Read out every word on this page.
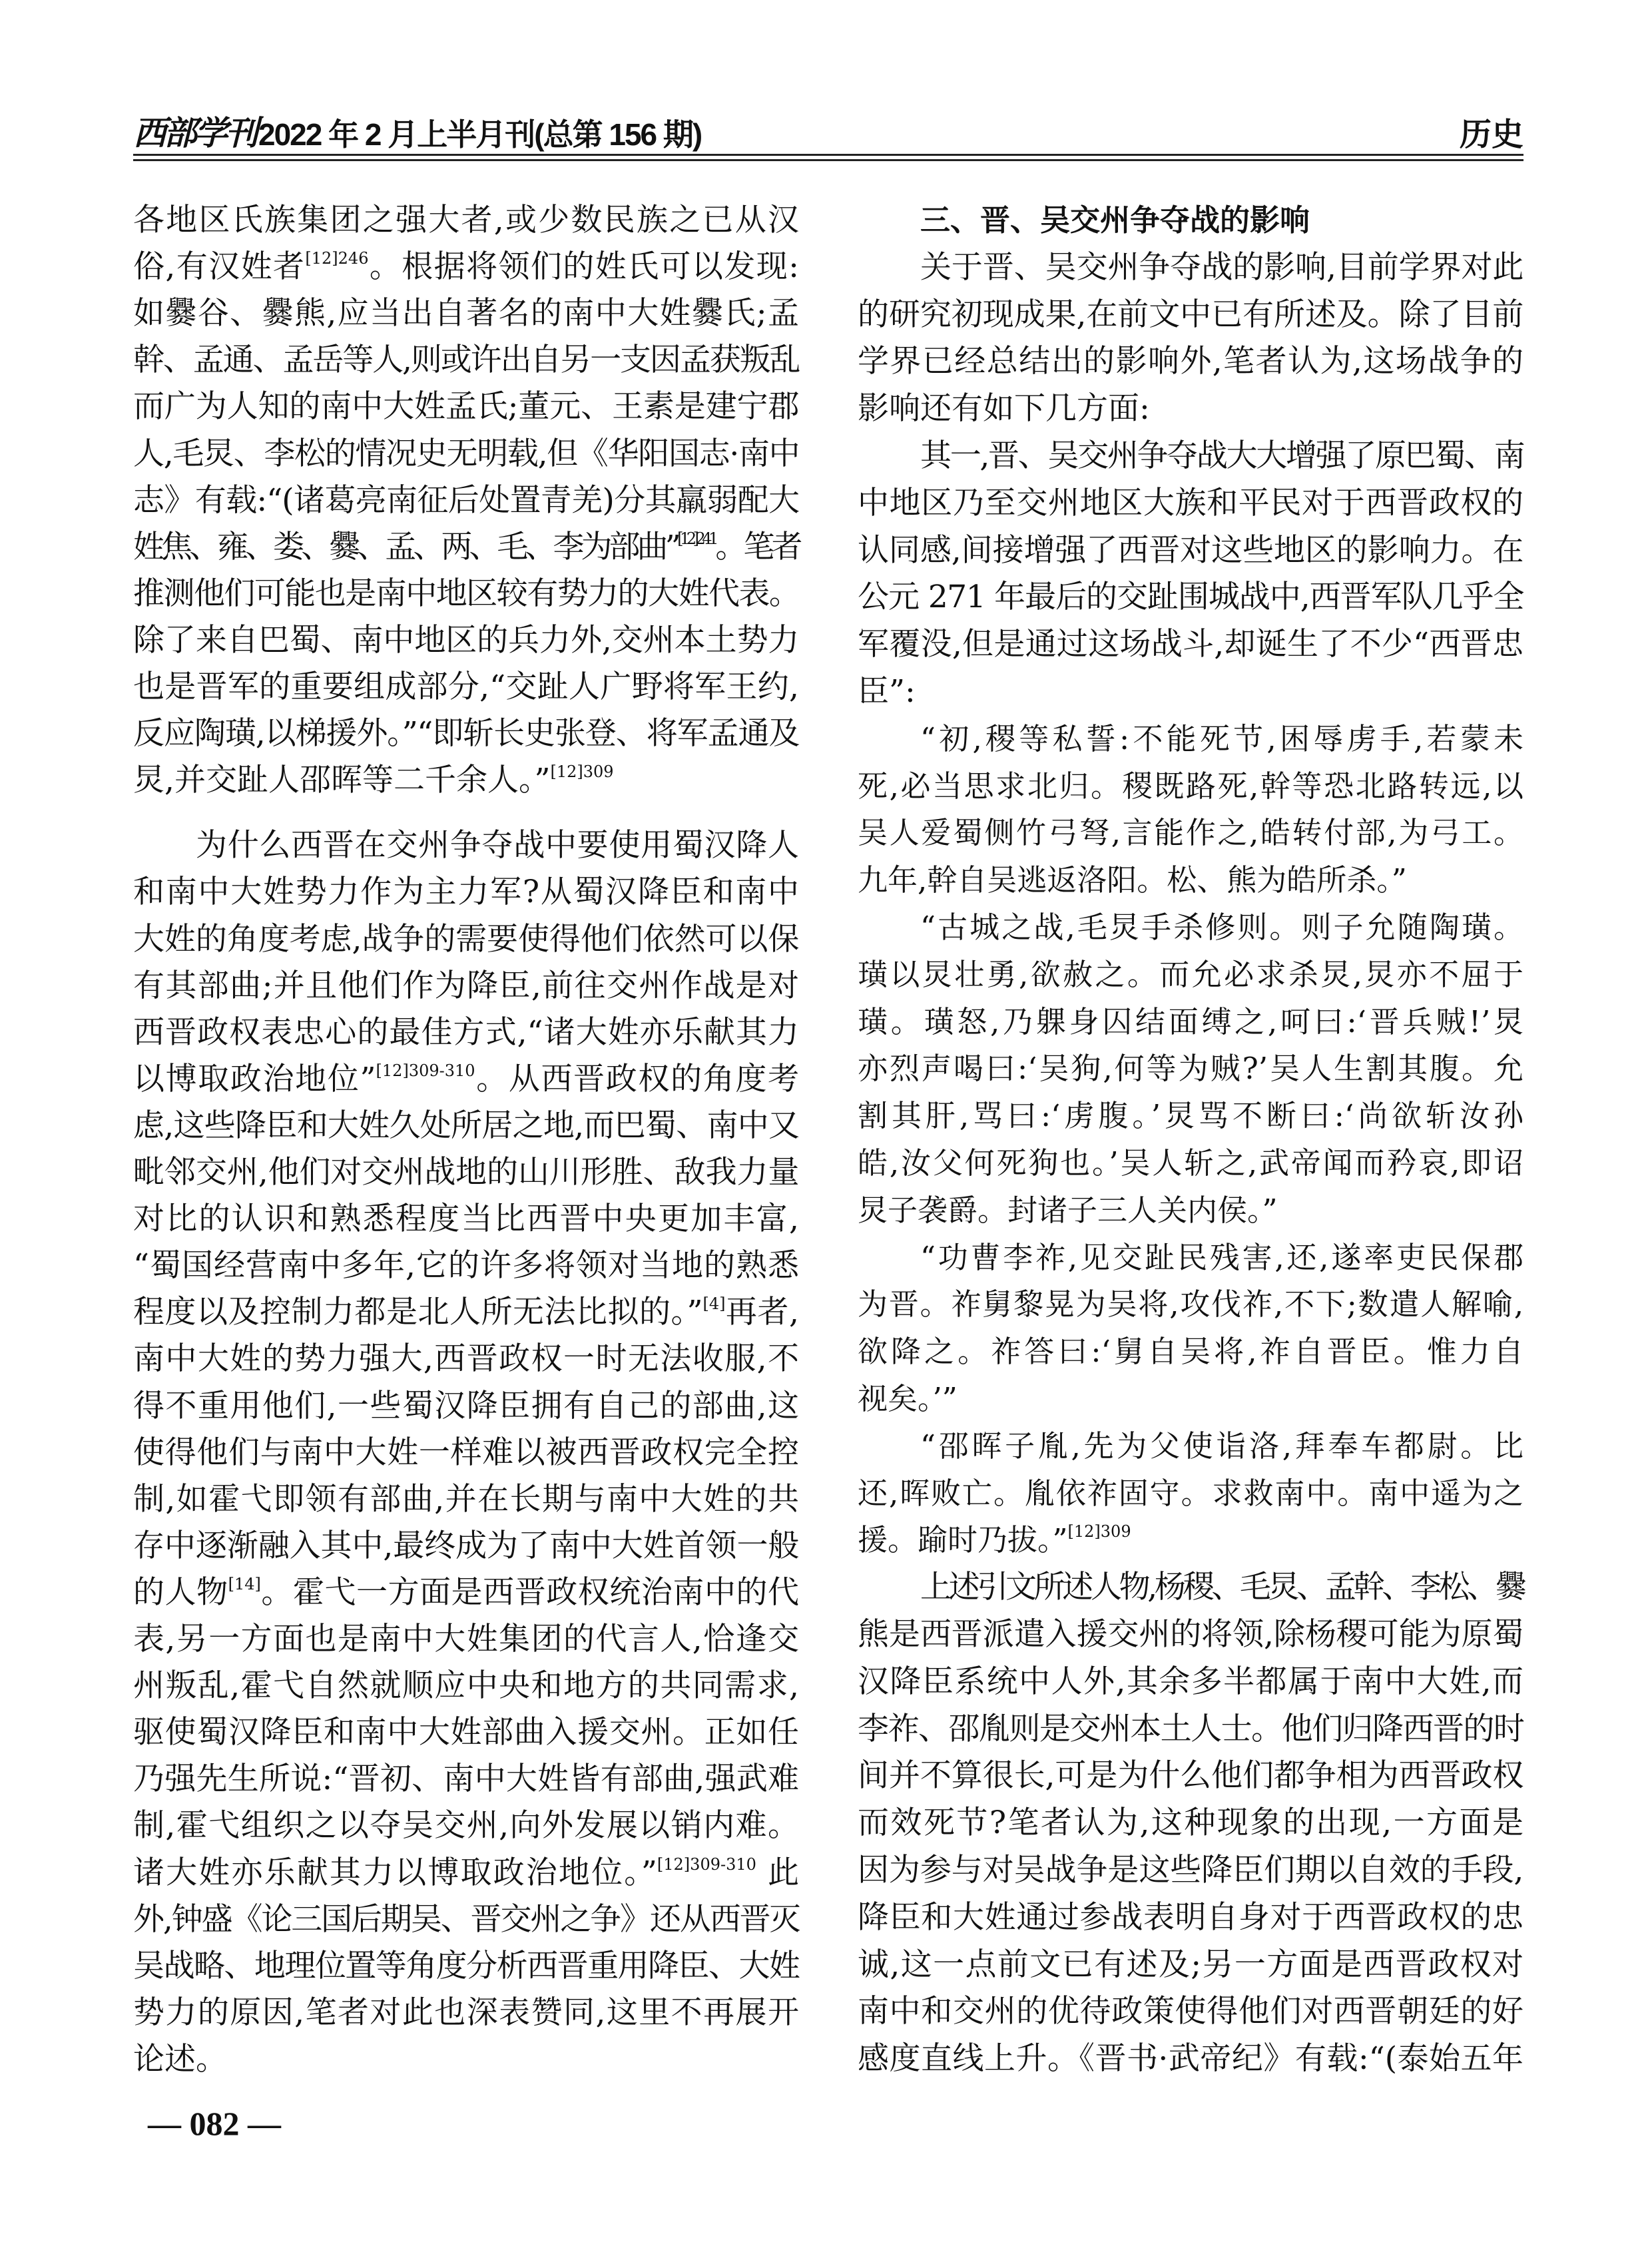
西部学刊 2022 年 2 月上半月刊(总第 156 期)	历史
各地区氏族集团之强大者,或少数民族之已从汉
俗,有汉姓者$^{[12]246}$。根据将领们的姓氏可以发现:
如爨谷、爨熊,应当出自著名的南中大姓爨氏;孟
幹、孟通、孟岳等人,则或许出自另一支因孟获叛乱
而广为人知的南中大姓孟氏;董元、王素是建宁郡
人,毛炅、李松的情况史无明载,但《华阳国志·南中
志》有载:“(诸葛亮南征后处置青羌)分其羸弱配大
姓焦、雍、娄、爨、孟、两、毛、李为部曲”$^{[12]241}$。笔者
推测他们可能也是南中地区较有势力的大姓代表。
除了来自巴蜀、南中地区的兵力外,交州本土势力
也是晋军的重要组成部分,“交趾人广野将军王约,
反应陶璜,以梯援外。”“即斩长史张登、将军孟通及
炅,并交趾人邵晖等二千余人。”$^{[12]309}$
为什么西晋在交州争夺战中要使用蜀汉降人
和南中大姓势力作为主力军?从蜀汉降臣和南中
大姓的角度考虑,战争的需要使得他们依然可以保
有其部曲;并且他们作为降臣,前往交州作战是对
西晋政权表忠心的最佳方式,“诸大姓亦乐献其力
以博取政治地位”$^{[12]309-310}$。从西晋政权的角度考
虑,这些降臣和大姓久处所居之地,而巴蜀、南中又
毗邻交州,他们对交州战地的山川形胜、敌我力量
对比的认识和熟悉程度当比西晋中央更加丰富,
“蜀国经营南中多年,它的许多将领对当地的熟悉
程度以及控制力都是北人所无法比拟的。”[4]再者,
南中大姓的势力强大,西晋政权一时无法收服,不
得不重用他们,一些蜀汉降臣拥有自己的部曲,这
使得他们与南中大姓一样难以被西晋政权完全控
制,如霍弋即领有部曲,并在长期与南中大姓的共
存中逐渐融入其中,最终成为了南中大姓首领一般
的人物[14]。霍弋一方面是西晋政权统治南中的代
表,另一方面也是南中大姓集团的代言人,恰逢交
州叛乱,霍弋自然就顺应中央和地方的共同需求,
驱使蜀汉降臣和南中大姓部曲入援交州。正如任
乃强先生所说:“晋初、南中大姓皆有部曲,强武难
制,霍弋组织之以夺吴交州,向外发展以销内难。
诸大姓亦乐献其力以博取政治地位。”$^{[12]309-310}$ 此
外,钟盛《论三国后期吴、晋交州之争》还从西晋灭
吴战略、地理位置等角度分析西晋重用降臣、大姓
势力的原因,笔者对此也深表赞同,这里不再展开
论述。
三、晋、吴交州争夺战的影响
关于晋、吴交州争夺战的影响,目前学界对此
的研究初现成果,在前文中已有所述及。除了目前
学界已经总结出的影响外,笔者认为,这场战争的
影响还有如下几方面:
其一,晋、吴交州争夺战大大增强了原巴蜀、南
中地区乃至交州地区大族和平民对于西晋政权的
认同感,间接增强了西晋对这些地区的影响力。在
公元 271 年最后的交趾围城战中,西晋军队几乎全
军覆没,但是通过这场战斗,却诞生了不少“西晋忠
臣”:
“初,稷等私誓:不能死节,困辱虏手,若蒙未
死,必当思求北归。稷既路死,幹等恐北路转远,以
吴人爱蜀侧竹弓弩,言能作之,皓转付部,为弓工。
九年,幹自吴逃返洛阳。松、熊为皓所杀。”
“古城之战,毛炅手杀修则。则子允随陶璜。
璜以炅壮勇,欲赦之。而允必求杀炅,炅亦不屈于
璜。璜怒,乃躶身囚结面缚之,呵曰:‘晋兵贼!’炅
亦烈声喝曰:‘吴狗,何等为贼?’吴人生割其腹。允
割其肝,骂曰:‘虏腹。’炅骂不断曰:‘尚欲斩汝孙
皓,汝父何死狗也。’吴人斩之,武帝闻而矜哀,即诏
炅子袭爵。封诸子三人关内侯。”
“功曹李祚,见交趾民残害,还,遂率吏民保郡
为晋。祚舅黎晃为吴将,攻伐祚,不下;数遣人解喻,
欲降之。祚答曰:‘舅自吴将,祚自晋臣。惟力自
视矣。’”
“邵晖子胤,先为父使诣洛,拜奉车都尉。比
还,晖败亡。胤依祚固守。求救南中。南中遥为之
援。踰时乃拔。”$^{[12]309}$
上述引文所述人物,杨稷、毛炅、孟幹、李松、爨
熊是西晋派遣入援交州的将领,除杨稷可能为原蜀
汉降臣系统中人外,其余多半都属于南中大姓,而
李祚、邵胤则是交州本土人士。他们归降西晋的时
间并不算很长,可是为什么他们都争相为西晋政权
而效死节?笔者认为,这种现象的出现,一方面是
因为参与对吴战争是这些降臣们期以自效的手段,
降臣和大姓通过参战表明自身对于西晋政权的忠
诚,这一点前文已有述及;另一方面是西晋政权对
南中和交州的优待政策使得他们对西晋朝廷的好
感度直线上升。《晋书·武帝纪》有载:“(泰始五年
— 082 —
